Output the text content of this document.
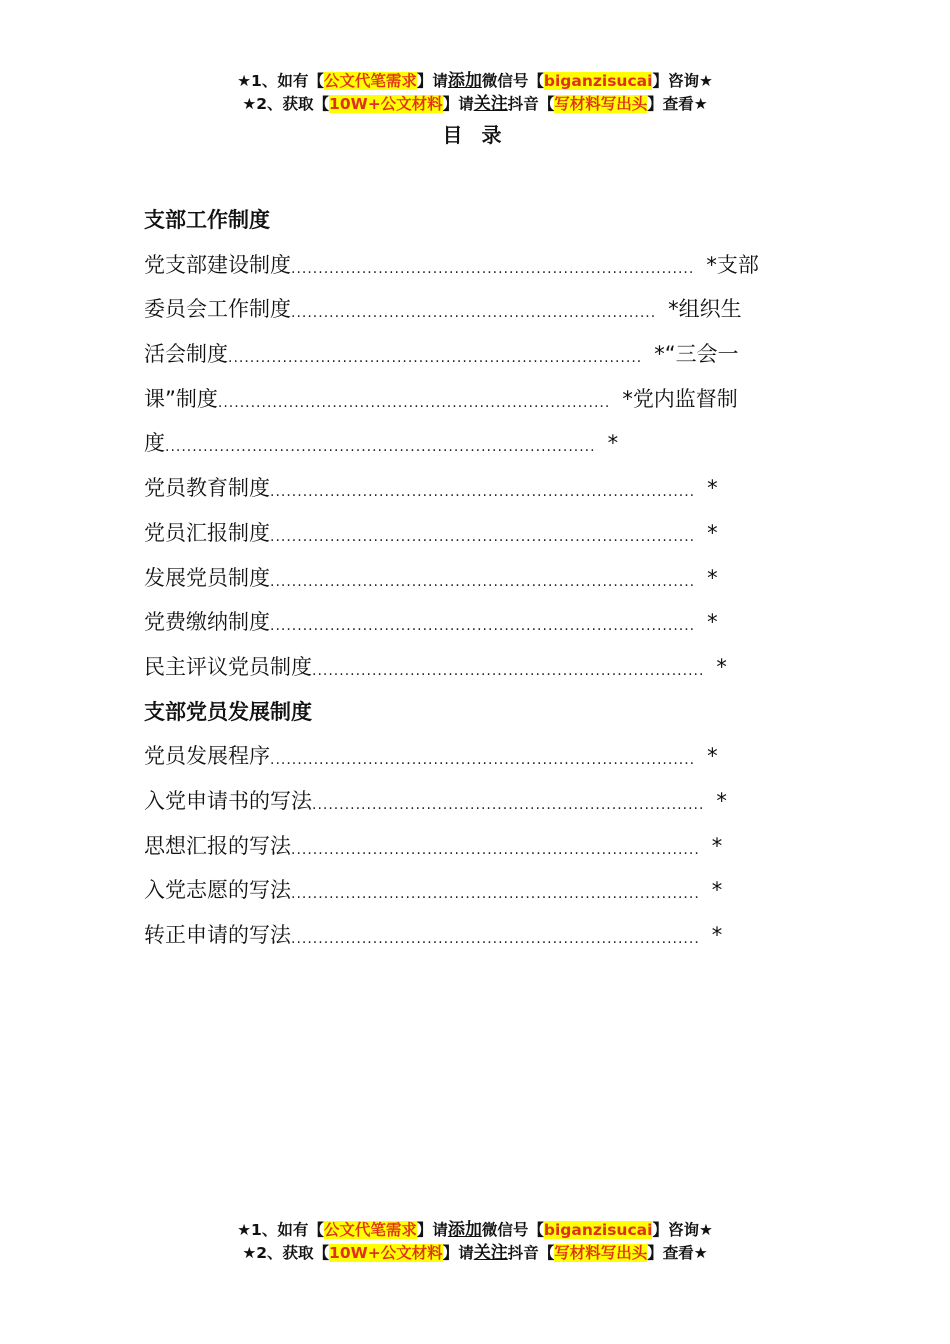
★1、如有【公文代笔需求】请添加微信号【biganzisucai】咨询★
★2、获取【10W+公文材料】请关注抖音【写材料写出头】查看★
目 录
支部工作制度
党支部建设制度 .......................................................................... *支部
委员会工作制度 ................................................................... *组织生
活会制度 ............................................................................ *“三会一
课”制度 ........................................................................ *党内监督制
度 ............................................................................... *
党员教育制度 .............................................................................. *
党员汇报制度 .............................................................................. *
发展党员制度 .............................................................................. *
党费缴纳制度 .............................................................................. *
民主评议党员制度 ........................................................................ *
支部党员发展制度
党员发展程序 .............................................................................. *
入党申请书的写法 ........................................................................ *
思想汇报的写法 ........................................................................... *
入党志愿的写法 ........................................................................... *
转正申请的写法 ........................................................................... *
★1、如有【公文代笔需求】请添加微信号【biganzisucai】咨询★
★2、获取【10W+公文材料】请关注抖音【写材料写出头】查看★
